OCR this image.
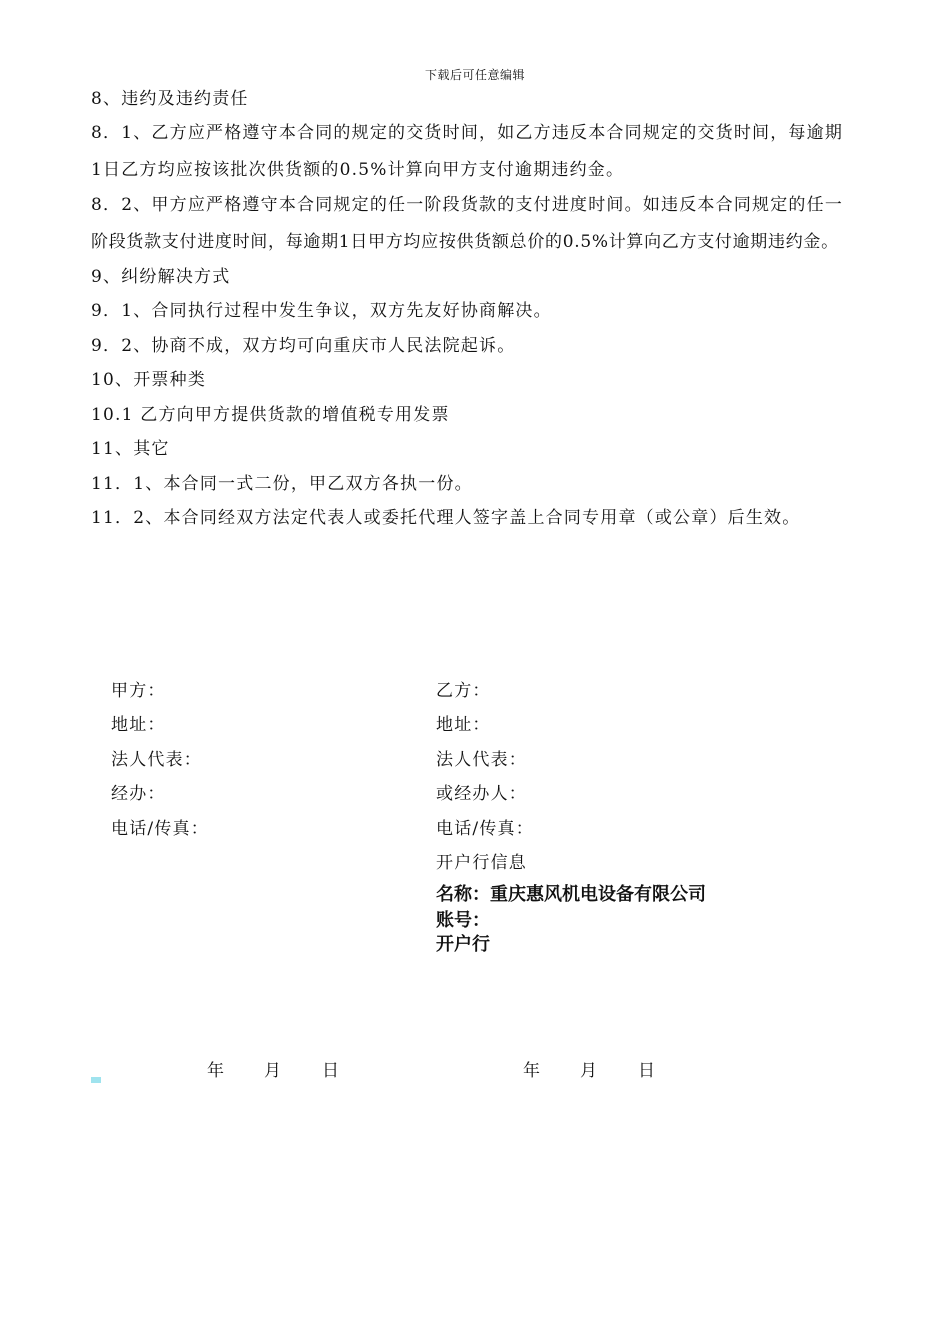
下载后可任意编辑
8、违约及违约责任
8．1、乙方应严格遵守本合同的规定的交货时间，如乙方违反本合同规定的交货时间，每逾期
1日乙方均应按该批次供货额的0.5%计算向甲方支付逾期违约金。
8．2、甲方应严格遵守本合同规定的任一阶段货款的支付进度时间。如违反本合同规定的任一
阶段货款支付进度时间，每逾期1日甲方均应按供货额总价的0.5%计算向乙方支付逾期违约金。
9、纠纷解决方式
9．1、合同执行过程中发生争议，双方先友好协商解决。
9．2、协商不成，双方均可向重庆市人民法院起诉。
10、开票种类
10.1 乙方向甲方提供货款的增值税专用发票
11、其它
11．1、本合同一式二份，甲乙双方各执一份。
11．2、本合同经双方法定代表人或委托代理人签字盖上合同专用章（或公章）后生效。
甲方：
地址：
法人代表：
经办：
电话/传真：
乙方：
地址：
法人代表：
或经办人：
电话/传真：
开户行信息
名称：重庆惠风机电设备有限公司
账号：
开户行
年 月 日	年 月 日
